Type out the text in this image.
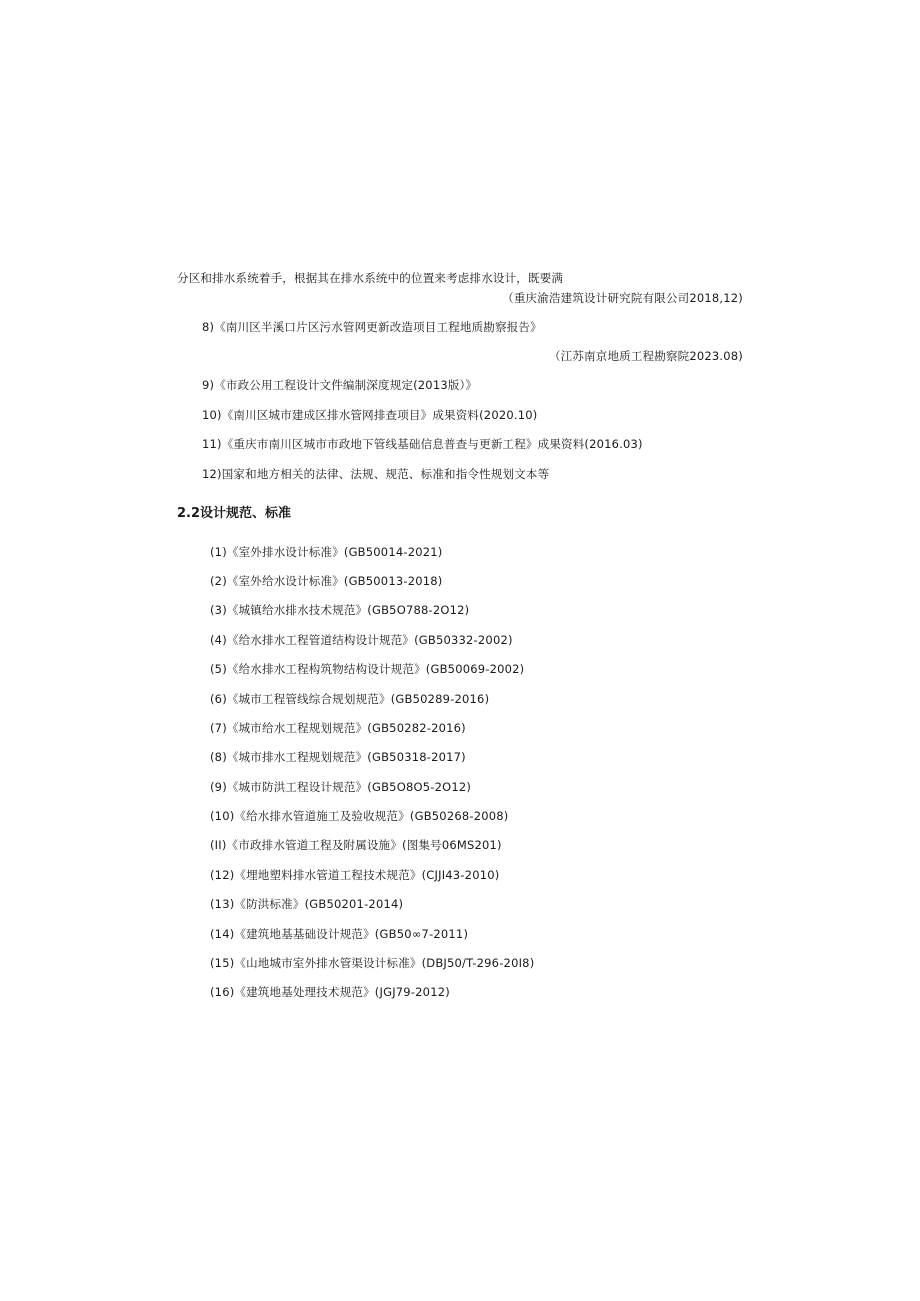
分区和排水系统着手，根据其在排水系统中的位置来考虑排水设计，既要满
（重庆渝浩建筑设计研究院有限公司2018,12)
8)《南川区半溪口片区污水管网更新改造项目工程地质勘察报告》
（江苏南京地质工程勘察院2023.08)
9)《市政公用工程设计文件编制深度规定(2013版）》
10)《南川区城市建成区排水管网排查项目》成果资料(2020.10)
11)《重庆市南川区城市市政地下管线基础信息普查与更新工程》成果资料(2016.03)
12)国家和地方相关的法律、法规、规范、标准和指令性规划文本等
2.2设计规范、标准
(1)《室外排水设计标准》(GB50014-2021)
(2)《室外给水设计标准》(GB50013-2018)
(3)《城镇给水排水技术规范》(GB5O788-2O12)
(4)《给水排水工程管道结构设计规范》(GB50332-2002)
(5)《给水排水工程构筑物结构设计规范》(GB50069-2002)
(6)《城市工程管线综合规划规范》(GB50289-2016)
(7)《城市给水工程规划规范》(GB50282-2016)
(8)《城市排水工程规划规范》(GB50318-2017)
(9)《城市防洪工程设计规范》(GB5O8O5-2O12)
(10)《给水排水管道施工及验收规范》(GB50268-2008)
(II)《市政排水管道工程及附属设施》(图集号06MS201)
(12)《埋地塑料排水管道工程技术规范》(CJJI43-2010)
(13)《防洪标准》(GB50201-2014)
(14)《建筑地基基础设计规范》(GB50∞7-2011)
(15)《山地城市室外排水管渠设计标准》(DBJ50/T-296-20I8)
(16)《建筑地基处理技术规范》(JGJ79-2012)
